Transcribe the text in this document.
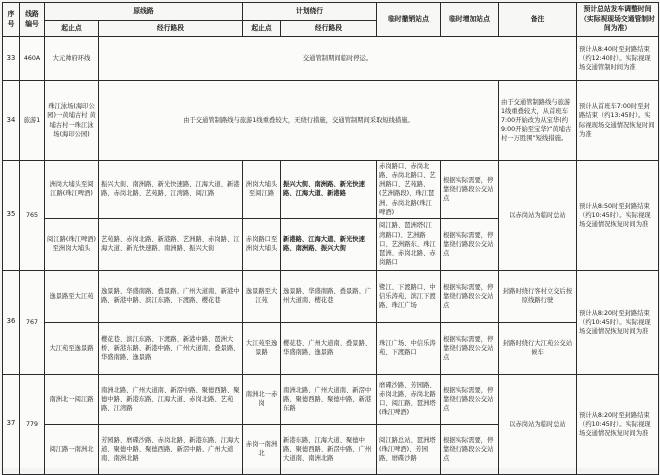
序号	线路编号	原线路		计划绕行		临时撤销站点	临时增加站点	备注	预计总站发车调整时间（实际视现场交通管制时间为准）
		起止点	经行路段	起止点	经行路段				
33	460A	大元帅府环线	交通管制期间临时停运。						预计从8:40时至封路结束（约12:40时）。实际视现场交通管制时间为准
34	旅游1	珠江泳场(海印公园)一黄埔古村 黄埔古村一珠江泳场(海印公园)	由于交通管制路线与旅游1线重叠较大，无绕行措施，交通管制期间采取短线措施。					由于交通管制路线与旅游1线重叠较大，从首班车7:00开始改为从宝华(约9:00开始至宝华)“黄埔古村一万胜围”短线措施。	预计从首班车7:00时至封路结束（约13:45时）。实际视现场交通情况恢复时间为准
35	765	洲岗大埔头至阅江路(珠江啤酒)	振兴大街、南洲路、新光快速路、江海大道、新港路、赤岗北路、艺苑路、江湾路、阅江路	洲岗大埔头至阅江路	振兴大街、南洲路、新光快速路、江海大道、新港路	赤岗路口、赤岗北路、赤岗北路口、艺洲路口、艺苑路、(艺洲路段)、珠江琶洲、赤岗北路(珠江啤酒)	根据实际需要，停靠绕行路段公交站点	以赤岗站为临时总站	预计从8:50时至封路结束（约10:45时）。实际视现场交通情况恢复时间为准
		阅江路(珠江啤酒)至洲岗大埔头	艺苑路、赤岗北路、新港路、艺洲路、赤岗路、江海大道、新光快速路、南洲路、振兴大街	赤岗路口至洲岗大埔头	新港路、江海大道、新光快速路、南洲路、振兴大街	阅江路、琶洲塔(江湾路口)、艺洲路口、艺洲路东、珠江琶洲、赤岗北路、赤岗路口	根据实际需要，停靠绕行路段公交站点		
36	767	逸景路至大江苑	逸景路、华盛南路、叠景路、广州大道南、新港中路、新港中路、滨江东路、下渡路、樱花巷	逸景路至大江苑	逸景路、华盛南路、叠景路、广州大道南、樱花巷	鹭江、下渡路口、中信乐涛苑、滨江下渡路、珠江广场	根据实际需要，停靠绕行路段公交站点	封路时绕行客村立交后按原线路行驶	预计从8:20时至封路结束（约10:45时）。实际视现场交通情况恢复时间为准
		大江苑至逸景路	樱花巷、滨江东路、下渡路、新港中路、琶洲大桥、新港东路、新港中路、广州大道南、叠景路、华盛南路、逸景路	大江苑至逸景路	樱花巷、广州大道南、叠景路、华盛南路、逸景路	珠江广场、中信乐涛苑、下渡路口	根据实际需要，停靠绕行路段公交站点	封路时绕行大江苑公交站候车	
37	779	南洲北一阅江路	南洲北路、广州大道南、新滘中路、聚德西路、聚德中路、新港东路、江海大道、赤岗北路、艺苑路、江湾路	南洲北一赤岗	南洲北路、广州大道南、新滘中路、聚德西路、聚德中路、新港东路	磨碟沙路、芳园路、赤岗北路、赤岗北路口、阅江路、琶洲塔(珠江啤酒)	根据实际需要，停靠绕行路段公交站点	以赤岗站为临时总站	预计从8:20时至封路结束（约10:45时）。实际视现场交通情况恢复时间为准
		阅江路一南洲北	芳园路、磨碟沙路、赤岗北路、新港东路、江海大道、聚德中路、聚德西路、新滘中路、广州大道南、南洲北路	赤岗一南洲北	新港东路、江海大道、聚德中路、聚德西路、新滘中路、广州大道南、南洲北路	阅江路总站、琶洲塔(珠江啤酒)、芳园路、磨碟沙路	根据实际需要，停靠绕行路段公交站点		
